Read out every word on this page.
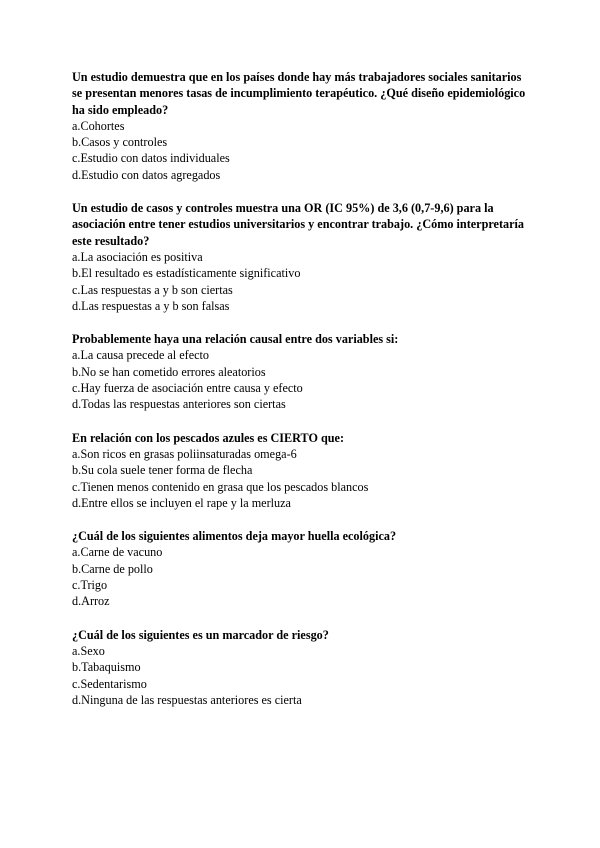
Un estudio demuestra que en los países donde hay más trabajadores sociales sanitarios se presentan menores tasas de incumplimiento terapéutico. ¿Qué diseño epidemiológico ha sido empleado?

a.Cohortes

b.Casos y controles

c.Estudio con datos individuales

d.Estudio con datos agregados

Un estudio de casos y controles muestra una OR (IC 95%) de 3,6 (0,7-9,6) para la asociación entre tener estudios universitarios y encontrar trabajo. ¿Cómo interpretaría este resultado?

a.La asociación es positiva

b.El resultado es estadísticamente significativo

c.Las respuestas a y b son ciertas

d.Las respuestas a y b son falsas

Probablemente haya una relación causal entre dos variables si:

a.La causa precede al efecto

b.No se han cometido errores aleatorios

c.Hay fuerza de asociación entre causa y efecto

d.Todas las respuestas anteriores son ciertas

En relación con los pescados azules es CIERTO que:

a.Son ricos en grasas poliinsaturadas omega-6

b.Su cola suele tener forma de flecha

c.Tienen menos contenido en grasa que los pescados blancos

d.Entre ellos se incluyen el rape y la merluza

¿Cuál de los siguientes alimentos deja mayor huella ecológica?

a.Carne de vacuno

b.Carne de pollo

c.Trigo

d.Arroz

¿Cuál de los siguientes es un marcador de riesgo?

a.Sexo

b.Tabaquismo

c.Sedentarismo

d.Ninguna de las respuestas anteriores es cierta
